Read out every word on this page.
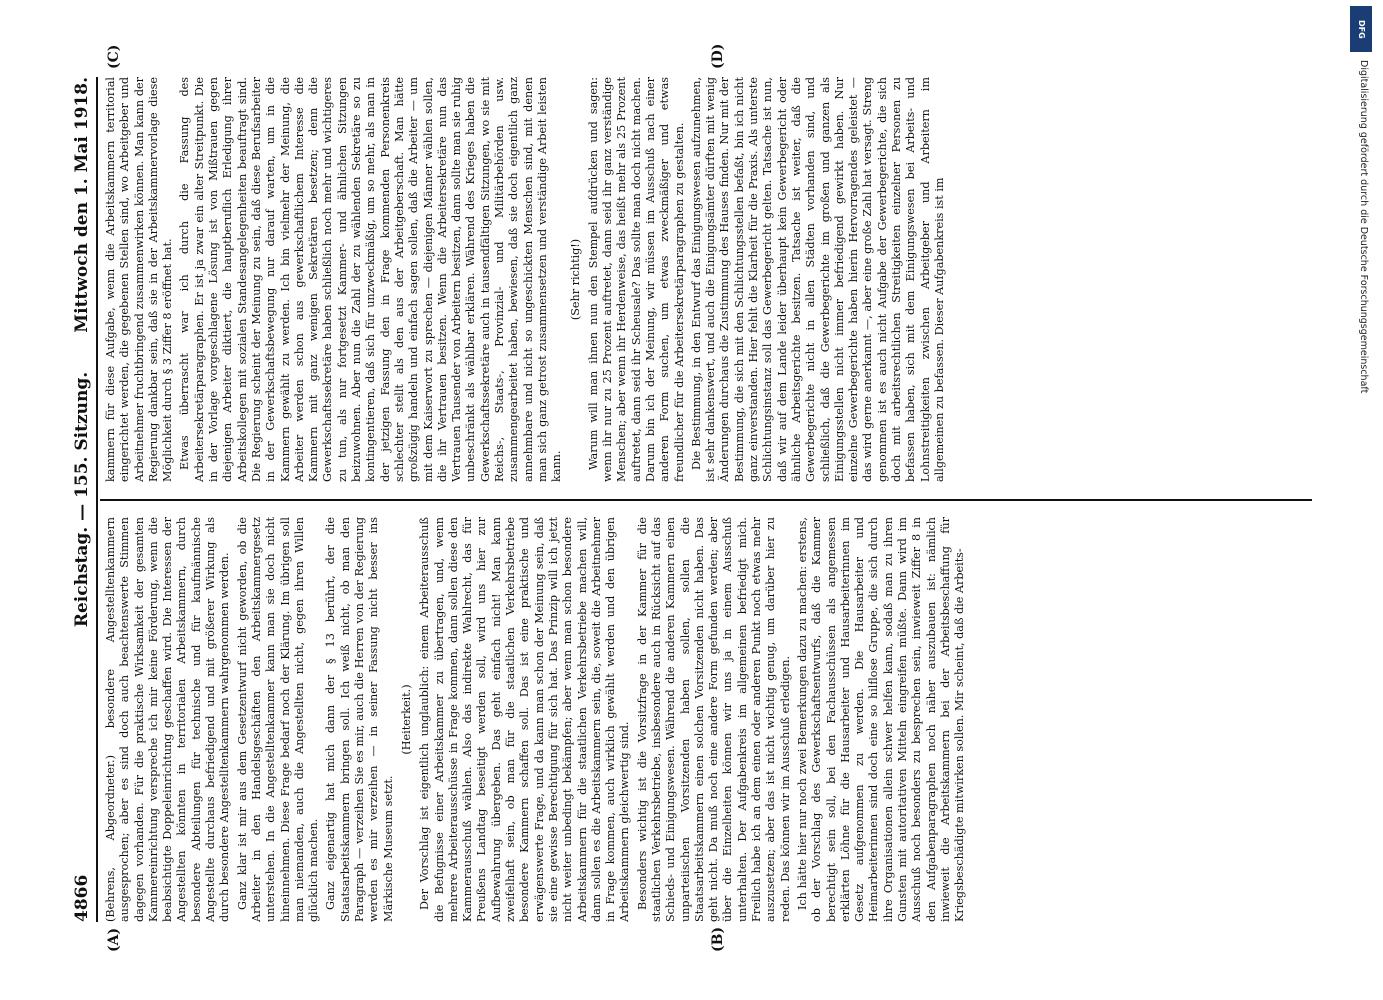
4866
Reichstag. — 155. Sitzung.
Mittwoch den 1. Mai 1918.
(A)	(B)
(C)	(D)

(Behrens, Abgeordneter.) besondere Angestelltenkammern ausgesprochen; aber es sind doch auch beachtenswerte Stimmen dagegen vorhanden. Für die praktische Wirksamkeit der gesamten Kammereinrichtung verspreche ich mir keine Förderung, wenn die beabsichtigte Doppeleinrichtung geschaffen wird. Die Interessen der Angestellten könnten in territorialen Arbeitskammern, durch besondere Abteilungen für technische und für kaufmännische Angestellte durchaus befriedigend und mit größerer Wirkung als durch besondere Angestelltenkammern wahrgenommen werden. Ganz klar ist mir aus dem Gesetzentwurf nicht geworden, ob die Arbeiter in den Handelsgeschäften den Arbeitskammergesetz unterstehen. In die Angestelltenkammer kann man sie doch nicht hineinnehmen. Diese Frage bedarf noch der Klärung. Im übrigen soll man niemanden, auch die Angestellten nicht, gegen ihren Willen glücklich machen. Ganz eigenartig hat mich dann der § 13 berührt, der die Staatsarbeitskammern bringen soll. Ich weiß nicht, ob man den Paragraph — verzeihen Sie es mir, auch die Herren von der Regierung werden es mir verzeihen — in seiner Fassung nicht besser ins Märkische Museum setzt.

(Heiterkeit.) Der Vorschlag ist eigentlich unglaublich: einem Arbeiterausschuß die Befugnisse einer Arbeitskammer zu übertragen, und, wenn mehrere Arbeiterausschüsse in Frage kommen, dann sollen diese den Kammerausschuß wählen. Also das indirekte Wahlrecht, das für Preußens Landtag beseitigt werden soll, wird uns hier zur Aufbewahrung übergeben. Das geht einfach nicht! Man kann zweifelhaft sein, ob man für die staatlichen Verkehrsbetriebe besondere Kammern schaffen soll. Das ist eine praktische und erwägenswerte Frage, und da kann man schon der Meinung sein, daß sie eine gewisse Berechtigung für sich hat. Das Prinzip will ich jetzt nicht weiter unbedingt bekämpfen; aber wenn man schon besondere Arbeitskammern für die staatlichen Verkehrsbetriebe machen will, dann sollen es die Arbeitskammern sein, die, soweit die Arbeitnehmer in Frage kommen, auch wirklich gewählt werden und den übrigen Arbeitskammern gleichwertig sind. Besonders wichtig ist die Vorsitzfrage in der Kammer für die staatlichen Verkehrsbetriebe, insbesondere auch in Rücksicht auf das Schieds- und Einigungswesen. Während die anderen Kammern einen unparteiischen Vorsitzenden haben sollen, sollen die Staatsarbeitskammern einen solchen Vorsitzenden nicht haben. Das geht nicht. Da muß noch eine andere Form gefunden werden; aber über die Einzelheiten können wir uns ja in einem Ausschuß unterhalten. Der Aufgabenkreis im allgemeinen befriedigt mich. Freilich habe ich an dem einen oder anderen Punkt noch etwas mehr auszusetzen; aber das ist nicht wichtig genug, um darüber hier zu reden. Das können wir im Ausschuß erledigen. Ich hätte hier nur noch zwei Bemerkungen dazu zu machen: erstens, ob der Vorschlag des Gewerkschaftsentwurfs, daß die Kammer berechtigt sein soll, bei den Fachausschüssen als angemessen erklärten Löhne für die Hausarbeiter und Hausarbeiterinnen im Gesetz aufgenommen zu werden. Die Hausarbeiter und Heimarbeiterinnen sind doch eine so hilflose Gruppe, die sich durch ihre Organisationen allein schwer helfen kann, sodaß man zu ihren Gunsten mit autoritativen Mitteln eingreifen müßte. Dann wird im Ausschuß noch besonders zu besprechen sein, inwieweit Ziffer 8 in den Aufgabenparagraphen noch näher auszubauen ist: nämlich inwieweit die Arbeitskammern bei der Arbeitsbeschaffung für Kriegsbeschädigte mitwirken sollen. Mir scheint, daß die Arbeits-

kammern für diese Aufgabe, wenn die Arbeitskammern territorial eingerichtet werden, die gegebenen Stellen sind, wo Arbeitgeber und Arbeitnehmer fruchtbringend zusammenwirken können. Man kann der Regierung dankbar sein, daß sie in der Arbeitskammervorlage diese Möglichkeit durch § 3 Ziffer 8 eröffnet hat. Etwas überrascht war ich durch die Fassung des Arbeitersekretärparagraphen. Er ist ja zwar ein alter Streitpunkt. Die in der Vorlage vorgeschlagene Lösung ist von Mißtrauen gegen diejenigen Arbeiter diktiert, die hauptberuflich Erledigung ihrer Arbeitskollegen mit sozialen Standesangelegenheiten beauftragt sind. Die Regierung scheint der Meinung zu sein, daß diese Berufsarbeiter in der Gewerkschaftsbewegung nur darauf warten, um in die Kammern gewählt zu werden. Ich bin vielmehr der Meinung, die Arbeiter werden schon aus gewerkschaftlichem Interesse die Kammern mit ganz wenigen Sekretären besetzen; denn die Gewerkschaftssekretäre haben schließlich noch mehr und wichtigeres zu tun, als nur fortgesetzt Kammer- und ähnlichen Sitzungen beizuwohnen. Aber nun die Zahl der zu wählenden Sekretäre so zu kontingentieren, daß sich für unzweckmäßig, um so mehr, als man in der jetzigen Fassung den in Frage kommenden Personenkreis schlechter stellt als den aus der Arbeitgeberschaft. Man hätte großzügig handeln und einfach sagen sollen, daß die Arbeiter — um mit dem Kaiserwort zu sprechen — diejenigen Männer wählen sollen, die ihr Vertrauen besitzen. Wenn die Arbeitersekretäre nun das Vertrauen Tausender von Arbeitern besitzen, dann sollte man sie ruhig unbeschränkt als wählbar erklären. Während des Krieges haben die Gewerkschaftssekretäre auch in tausendfältigen Sitzungen, wo sie mit Reichs-, Staats-, Provinzial- und Militärbehörden usw. zusammengearbeitet haben, bewiesen, daß sie doch eigentlich ganz annehmbare und nicht so ungeschickten Menschen sind, mit denen man sich ganz getrost zusammensetzen und verständige Arbeit leisten kann.

(Sehr richtig!) Warum will man ihnen nun den Stempel aufdrücken und sagen: wenn ihr nur zu 25 Prozent auftretet, dann seid ihr ganz verständige Menschen; aber wenn ihr Herdenweise, das heißt mehr als 25 Prozent auftretet, dann seid ihr Scheusale? Das sollte man doch nicht machen. Darum bin ich der Meinung, wir müssen im Ausschuß nach einer anderen Form suchen, um etwas zweckmäßiger und etwas freundlicher für die Arbeitersekretärparagraphen zu gestalten. Die Bestimmung, in den Entwurf das Einigungswesen aufzunehmen, ist sehr dankenswert, und auch die Einigungsämter dürften mit wenig Änderungen durchaus die Zustimmung des Hauses finden. Nur mit der Bestimmung, die sich mit den Schlichtungsstellen befaßt, bin ich nicht ganz einverstanden. Hier fehlt die Klarheit für die Praxis. Als unterste Schlichtungsinstanz soll das Gewerbegericht gelten. Tatsache ist nun, daß wir auf dem Lande leider überhaupt kein Gewerbegericht oder ähnliche Arbeitsgerichte besitzen. Tatsache ist weiter, daß die Gewerbegerichte nicht in allen Städten vorhanden sind, und schließlich, daß die Gewerbegerichte im großen und ganzen als Einigungsstellen nicht immer befriedigend gewirkt haben. Nur einzelne Gewerbegerichte haben hierin Hervorragendes geleistet — das wird gerne anerkannt —, aber eine große Zahl hat versagt. Streng genommen ist es auch nicht Aufgabe der Gewerbegerichte, die sich doch mit arbeitsrechtlichen Streitigkeiten einzelner Personen zu befassen haben, sich mit dem Einigungswesen bei Arbeits- und Lohnstreitigkeiten zwischen Arbeitgeber und Arbeitern im allgemeinen zu befassen. Dieser Aufgabenkreis ist im

DFG
Digitalisierung gefördert durch die Deutsche Forschungsgemeinschaft
